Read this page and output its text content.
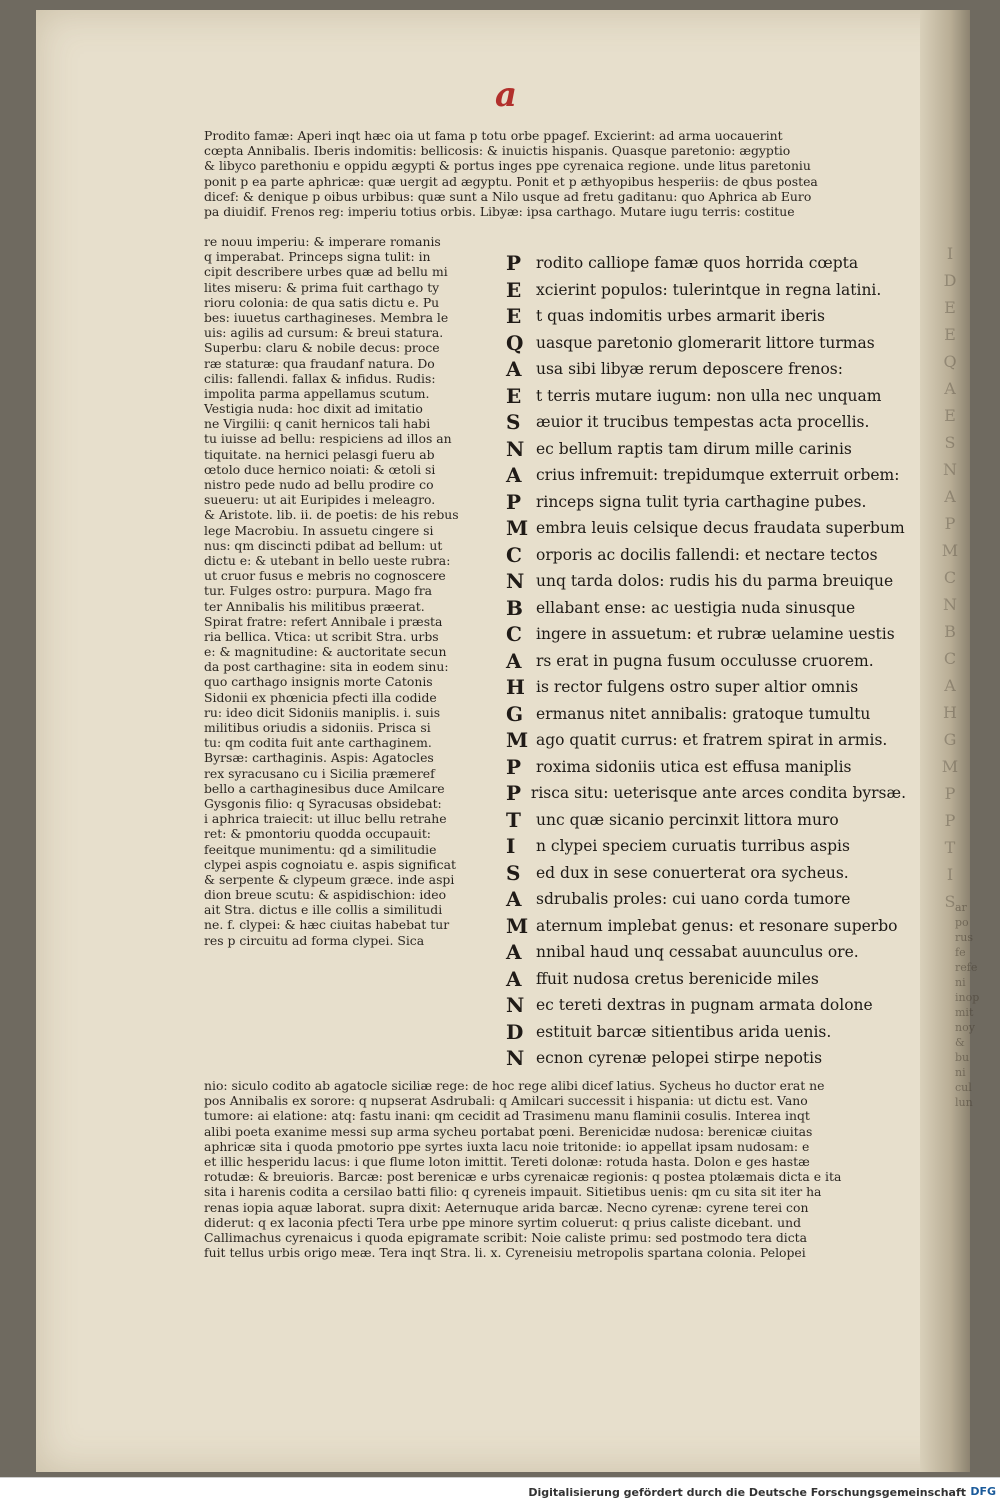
a
Prodito famæ: Aperi inqt hæc oia ut fama p totu orbe ppagef. Excierint: ad arma uocauerint
cœpta Annibalis. Iberis indomitis: bellicosis: & inuictis hispanis. Quasque paretonio: ægyptio
& libyco parethoniu e oppidu ægypti & portus inges ppe cyrenaica regione. unde litus paretoniu
ponit p ea parte aphricæ: quæ uergit ad ægyptu. Ponit et p æthyopibus hesperiis: de qbus postea
dicef: & denique p oibus urbibus: quæ sunt a Nilo usque ad fretu gaditanu: quo Aphrica ab Euro
pa diuidif. Frenos reg: imperiu totius orbis. Libyæ: ipsa carthago. Mutare iugu terris: costitue
re nouu imperiu: & imperare romanis
q imperabat. Princeps signa tulit: in
cipit describere urbes quæ ad bellu mi
lites miseru: & prima fuit carthago ty
rioru colonia: de qua satis dictu e. Pu
bes: iuuetus carthagineses. Membra le
uis: agilis ad cursum: & breui statura.
Superbu: claru & nobile decus: proce
ræ staturæ: qua fraudanf natura. Do
cilis: fallendi. fallax & infidus. Rudis:
impolita parma appellamus scutum.
Vestigia nuda: hoc dixit ad imitatio
ne Virgilii: q canit hernicos tali habi
tu iuisse ad bellu: respiciens ad illos an
tiquitate. na hernici pelasgi fueru ab
œtolo duce hernico noiati: & œtoli si
nistro pede nudo ad bellu prodire co
sueueru: ut ait Euripides i meleagro.
& Aristote. lib. ii. de poetis: de his rebus
lege Macrobiu. In assuetu cingere si
nus: qm discincti pdibat ad bellum: ut
dictu e: & utebant in bello ueste rubra:
ut cruor fusus e mebris no cognoscere
tur. Fulges ostro: purpura. Mago fra
ter Annibalis his militibus præerat.
Spirat fratre: refert Annibale i præsta
ria bellica. Vtica: ut scribit Stra. urbs
e: & magnitudine: & auctoritate secun
da post carthagine: sita in eodem sinu:
quo carthago insignis morte Catonis
Sidonii ex phœnicia pfecti illa codide
ru: ideo dicit Sidoniis maniplis. i. suis
militibus oriudis a sidoniis. Prisca si
tu: qm codita fuit ante carthaginem.
Byrsæ: carthaginis. Aspis: Agatocles
rex syracusano cu i Sicilia præmeref
bello a carthaginesibus duce Amilcare
Gysgonis filio: q Syracusas obsidebat:
i aphrica traiecit: ut illuc bellu retrahe
ret: & pmontoriu quodda occupauit:
feeitque munimentu: qd a similitudie
clypei aspis cognoiatu e. aspis significat
& serpente & clypeum græce. inde aspi
dion breue scutu: & aspidischion: ideo
ait Stra. dictus e ille collis a similitudi
ne. f. clypei: & hæc ciuitas habebat tur
res p circuitu ad forma clypei. Sica
P rodito calliope famæ quos horrida cœpta
E xcierint populos: tulerintque in regna latini.
E t quas indomitis urbes armarit iberis
Q uasque paretonio glomerarit littore turmas
A usa sibi libyæ rerum deposcere frenos:
E t terris mutare iugum: non ulla nec unquam
S	æuior it trucibus tempestas acta procellis.
N ec bellum raptis tam dirum mille carinis
A crius infremuit: trepidumque exterruit orbem:
P rinceps signa tulit tyria carthagine pubes.
M embra leuis celsique decus fraudata superbum
C orporis ac docilis fallendi: et nectare tectos
N unq tarda dolos: rudis his du parma breuique
B ellabant ense: ac uestigia nuda sinusque
C ingere in assuetum: et rubræ uelamine uestis
A rs erat in pugna fusum occulusse cruorem.
H is rector fulgens ostro super altior omnis
G ermanus nitet annibalis: gratoque tumultu
M ago quatit currus: et fratrem spirat in armis.
P roxima sidoniis utica est effusa maniplis
P risca situ: ueterisque ante arces condita byrsæ.
T unc quæ sicanio percinxit littora muro
I	n clypei speciem curuatis turribus aspis
S	ed dux in sese conuerterat ora sycheus.
A sdrubalis proles: cui uano corda tumore
M aternum implebat genus: et resonare superbo
A nnibal haud unq cessabat auunculus ore.
A ffuit nudosa cretus berenicide miles
N ec tereti dextras in pugnam armata dolone
D estituit barcæ sitientibus arida uenis.
N ecnon cyrenæ pelopei stirpe nepotis
nio: siculo codito ab agatocle siciliæ rege: de hoc rege alibi dicef latius. Sycheus ho ductor erat ne
pos Annibalis ex sorore: q nupserat Asdrubali: q Amilcari successit i hispania: ut dictu est. Vano
tumore: ai elatione: atq: fastu inani: qm cecidit ad Trasimenu manu flaminii cosulis. Interea inqt
alibi poeta exanime messi sup arma sycheu portabat pœni. Berenicidæ nudosa: berenicæ ciuitas
aphricæ sita i quoda pmotorio ppe syrtes iuxta lacu noie tritonide: io appellat ipsam nudosam: e
et illic hesperidu lacus: i que flume loton imittit. Tereti dolonæ: rotuda hasta. Dolon e ges hastæ
rotudæ: & breuioris. Barcæ: post berenicæ e urbs cyrenaicæ regionis: q postea ptolæmais dicta e ita
sita i harenis codita a cersilao batti filio: q cyreneis impauit. Sitietibus uenis: qm cu sita sit iter ha
renas iopia aquæ laborat. supra dixit: Aeternuque arida barcæ. Necno cyrenæ: cyrene terei con
diderut: q ex laconia pfecti Tera urbe ppe minore syrtim coluerut: q prius caliste dicebant. und
Callimachus cyrenaicus i quoda epigramate scribit: Noie caliste primu: sed postmodo tera dicta
fuit tellus urbis origo meæ. Tera inqt Stra. li. x. Cyreneisiu metropolis spartana colonia. Pelopei
I
D
E
E
Q
A
E
S
N
A
P
M
C
N
B
C
A
H
G
M
P
P
T
I
S ar
po
rus
fe
refe
ni
inop
mit
noy
&
bu
ni
cul
lun
Digitalisierung gefördert durch die Deutsche Forschungsgemeinschaft DFG
